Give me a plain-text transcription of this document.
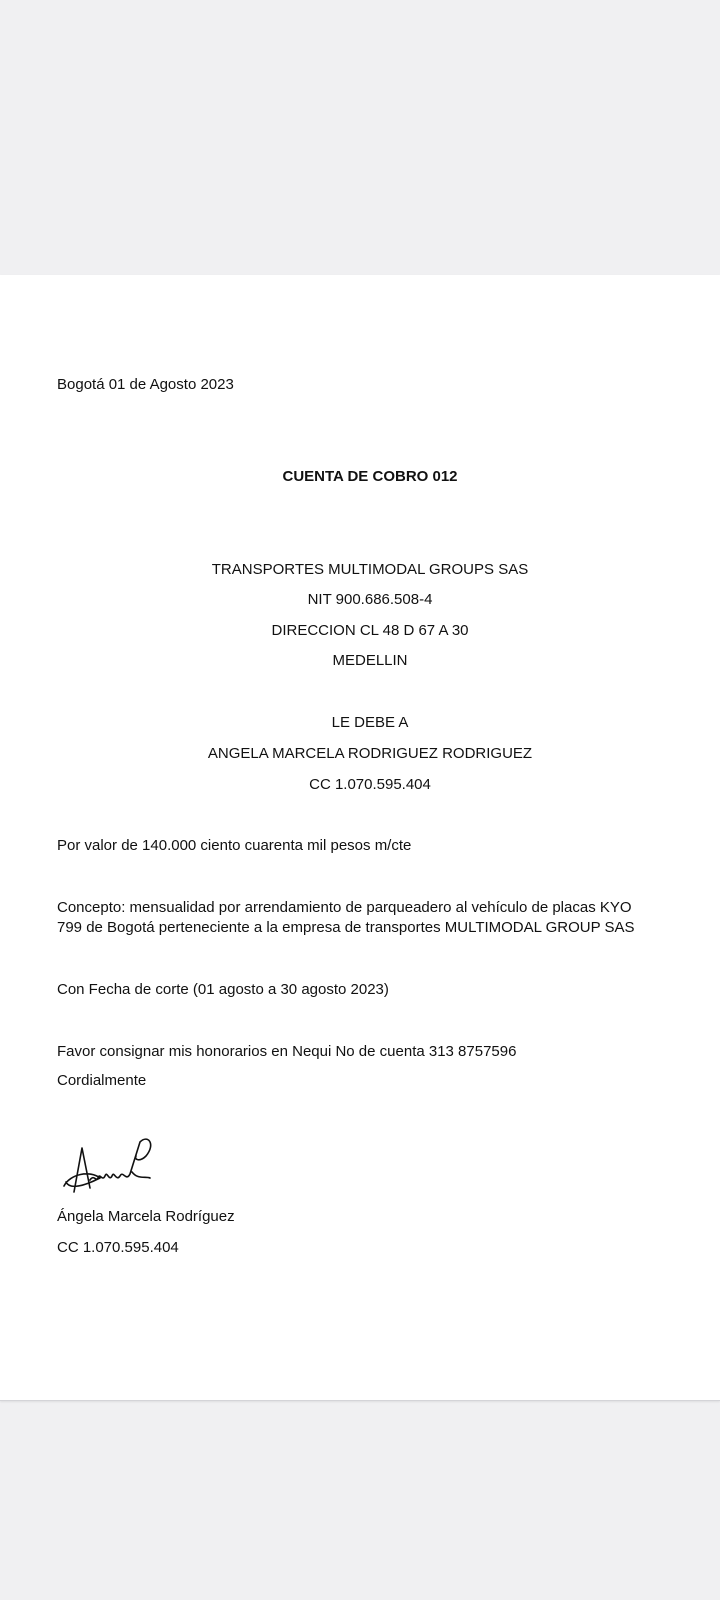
Bogotá 01 de Agosto 2023
CUENTA DE COBRO 012
TRANSPORTES MULTIMODAL GROUPS SAS
NIT 900.686.508-4
DIRECCION CL 48 D 67 A 30
MEDELLIN
LE DEBE A
ANGELA MARCELA RODRIGUEZ RODRIGUEZ
CC 1.070.595.404
Por valor de 140.000 ciento cuarenta mil pesos m/cte
Concepto: mensualidad por arrendamiento de parqueadero al vehículo de placas KYO
799 de Bogotá perteneciente a la empresa de transportes MULTIMODAL GROUP SAS
Con Fecha de corte (01 agosto a 30 agosto 2023)
Favor consignar mis honorarios en Nequi No de cuenta 313 8757596
Cordialmente
Ángela Marcela Rodríguez
CC 1.070.595.404
